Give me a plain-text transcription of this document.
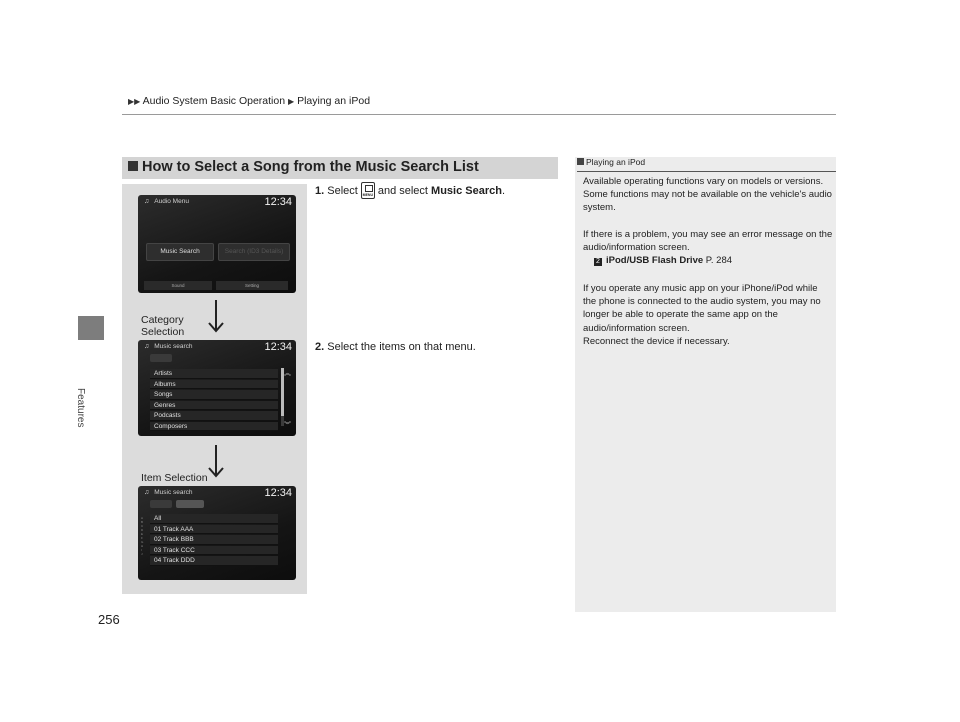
▶▶ Audio System Basic Operation ▶ Playing an iPod
Features
256
How to Select a Song from the Music Search List
♫ Audio Menu	12:34
Music Search	Search (ID3 Details)
Sound	Setting
Category
Selection
♫ Music search	12:34
Artists
Albums
Songs
Genres
Podcasts
Composers
︽
︾
Item Selection
♫ Music search	12:34
A
B
C
D
E
F
G
H
I
J
All
01 Track AAA
02 Track BBB
03 Track CCC
04 Track DDD
1. SelectMENU and select Music Search.
2. Select the items on that menu.
Playing an iPod
Available operating functions vary on models or versions. Some functions may not be available on the vehicle's audio system.
If there is a problem, you may see an error message on the audio/information screen.
2 iPod/USB Flash Drive P. 284
If you operate any music app on your iPhone/iPod while the phone is connected to the audio system, you may no longer be able to operate the same app on the audio/information screen.
Reconnect the device if necessary.
